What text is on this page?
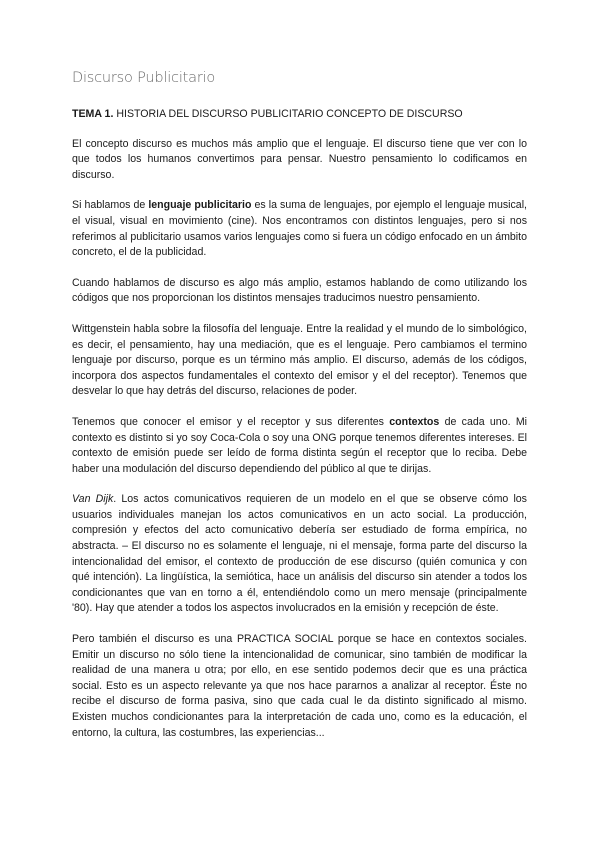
Discurso Publicitario
TEMA 1. HISTORIA DEL DISCURSO PUBLICITARIO CONCEPTO DE DISCURSO

El concepto discurso es muchos más amplio que el lenguaje. El discurso tiene que ver con lo que todos los humanos convertimos para pensar. Nuestro pensamiento lo codificamos en discurso.

Si hablamos de lenguaje publicitario es la suma de lenguajes, por ejemplo el lenguaje musical, el visual, visual en movimiento (cine). Nos encontramos con distintos lenguajes, pero si nos referimos al publicitario usamos varios lenguajes como si fuera un código enfocado en un ámbito concreto, el de la publicidad.

Cuando hablamos de discurso es algo más amplio, estamos hablando de como utilizando los códigos que nos proporcionan los distintos mensajes traducimos nuestro pensamiento.

Wittgenstein habla sobre la filosofía del lenguaje. Entre la realidad y el mundo de lo simbológico, es decir, el pensamiento, hay una mediación, que es el lenguaje. Pero cambiamos el termino lenguaje por discurso, porque es un término más amplio. El discurso, además de los códigos, incorpora dos aspectos fundamentales el contexto del emisor y el del receptor). Tenemos que desvelar lo que hay detrás del discurso, relaciones de poder.

Tenemos que conocer el emisor y el receptor y sus diferentes contextos de cada uno. Mi contexto es distinto si yo soy Coca-Cola o soy una ONG porque tenemos diferentes intereses. El contexto de emisión puede ser leído de forma distinta según el receptor que lo reciba. Debe haber una modulación del discurso dependiendo del público al que te dirijas.

Van Dijk. Los actos comunicativos requieren de un modelo en el que se observe cómo los usuarios individuales manejan los actos comunicativos en un acto social. La producción, compresión y efectos del acto comunicativo debería ser estudiado de forma empírica, no abstracta. – El discurso no es solamente el lenguaje, ni el mensaje, forma parte del discurso la intencionalidad del emisor, el contexto de producción de ese discurso (quién comunica y con qué intención). La lingüística, la semiótica, hace un análisis del discurso sin atender a todos los condicionantes que van en torno a él, entendiéndolo como un mero mensaje (principalmente '80). Hay que atender a todos los aspectos involucrados en la emisión y recepción de éste.

Pero también el discurso es una PRACTICA SOCIAL porque se hace en contextos sociales. Emitir un discurso no sólo tiene la intencionalidad de comunicar, sino también de modificar la realidad de una manera u otra; por ello, en ese sentido podemos decir que es una práctica social. Esto es un aspecto relevante ya que nos hace pararnos a analizar al receptor. Éste no recibe el discurso de forma pasiva, sino que cada cual le da distinto significado al mismo. Existen muchos condicionantes para la interpretación de cada uno, como es la educación, el entorno, la cultura, las costumbres, las experiencias...
